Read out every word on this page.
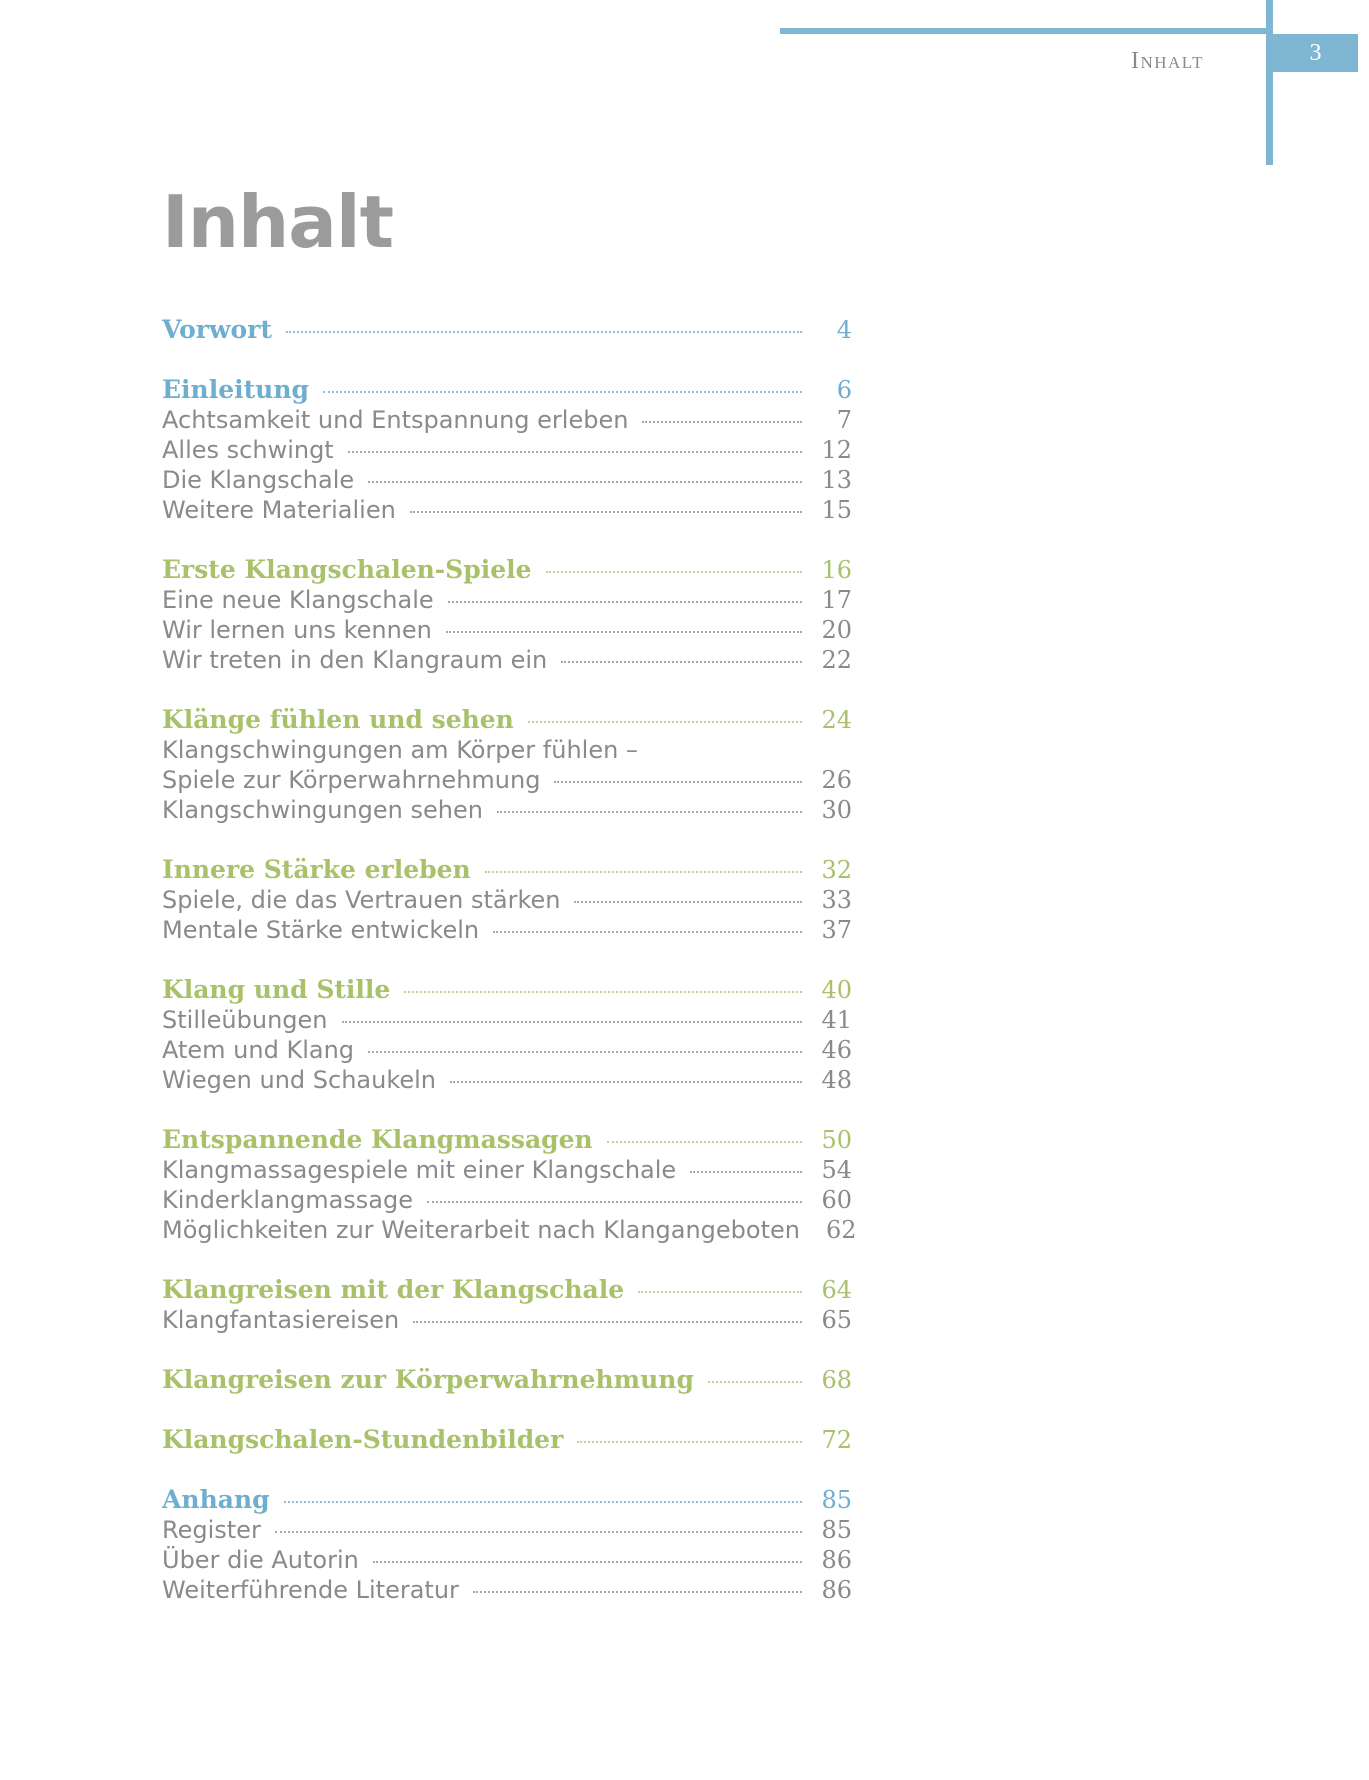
Inhalt	3
Inhalt
Vorwort	4
Einleitung	6
Achtsamkeit und Entspannung erleben	7
Alles schwingt	12
Die Klangschale	13
Weitere Materialien	15
Erste Klangschalen-Spiele	16
Eine neue Klangschale	17
Wir lernen uns kennen	20
Wir treten in den Klangraum ein	22
Klänge fühlen und sehen	24
Klangschwingungen am Körper fühlen –
Spiele zur Körperwahrnehmung	26
Klangschwingungen sehen	30
Innere Stärke erleben	32
Spiele, die das Vertrauen stärken	33
Mentale Stärke entwickeln	37
Klang und Stille	40
Stilleübungen	41
Atem und Klang	46
Wiegen und Schaukeln	48
Entspannende Klangmassagen	50
Klangmassagespiele mit einer Klangschale	54
Kinderklangmassage	60
Möglichkeiten zur Weiterarbeit nach Klangangeboten 62
Klangreisen mit der Klangschale	64
Klangfantasiereisen	65
Klangreisen zur Körperwahrnehmung	68
Klangschalen-Stundenbilder	72
Anhang	85
Register	85
Über die Autorin	86
Weiterführende Literatur	86
